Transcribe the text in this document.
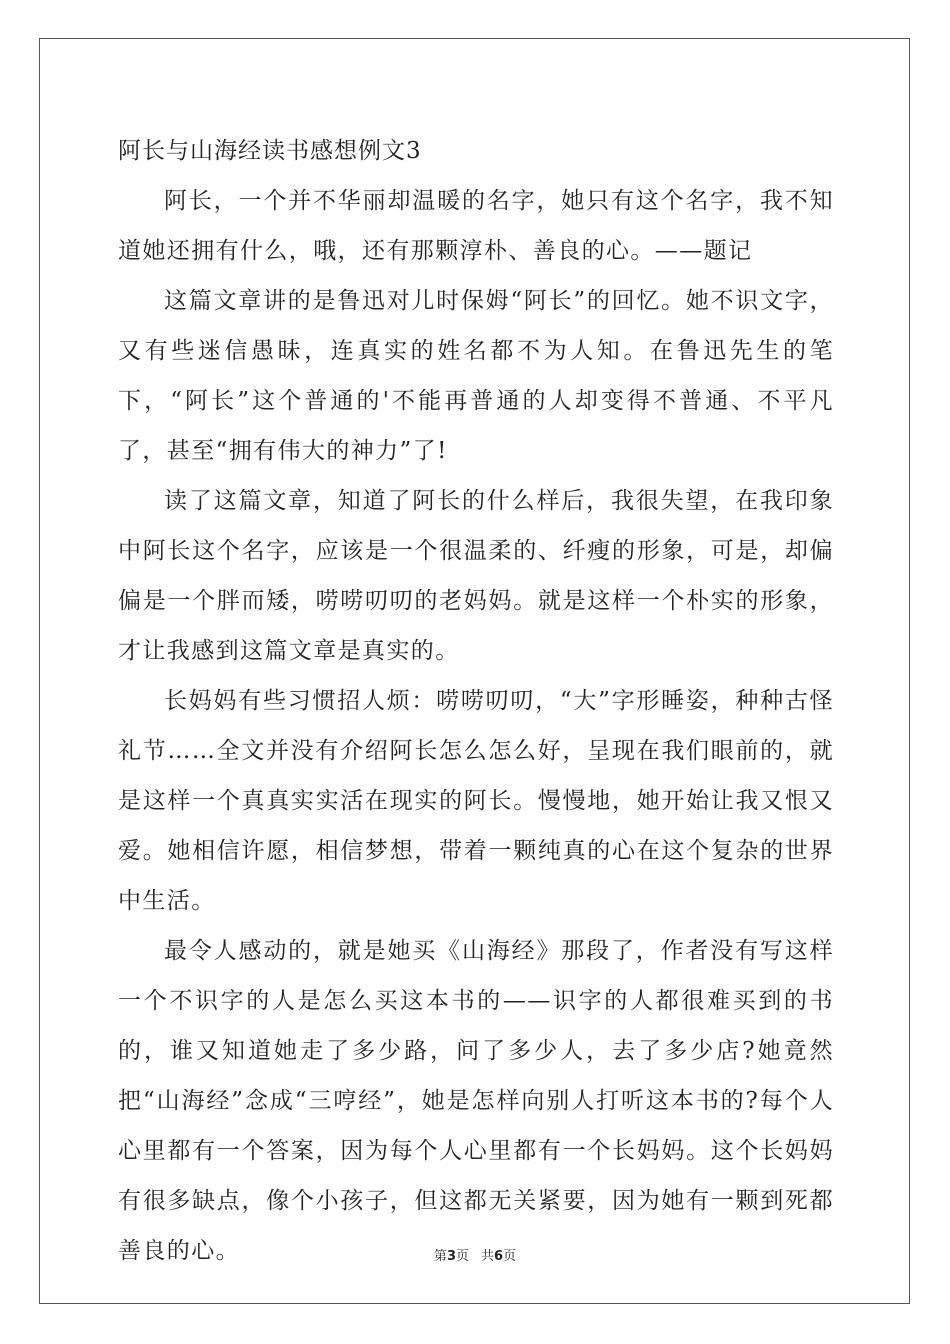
阿长与山海经读书感想例文3

阿长，一个并不华丽却温暖的名字，她只有这个名字，我不知道她还拥有什么，哦，还有那颗淳朴、善良的心。——题记

这篇文章讲的是鲁迅对儿时保姆“阿长”的回忆。她不识文字，又有些迷信愚昧，连真实的姓名都不为人知。在鲁迅先生的笔下，“阿长”这个普通的'不能再普通的人却变得不普通、不平凡了，甚至“拥有伟大的神力”了!

读了这篇文章，知道了阿长的什么样后，我很失望，在我印象中阿长这个名字，应该是一个很温柔的、纤瘦的形象，可是，却偏偏是一个胖而矮，唠唠叨叨的老妈妈。就是这样一个朴实的形象，才让我感到这篇文章是真实的。

长妈妈有些习惯招人烦：唠唠叨叨，“大”字形睡姿，种种古怪礼节……全文并没有介绍阿长怎么怎么好，呈现在我们眼前的，就是这样一个真真实实活在现实的阿长。慢慢地，她开始让我又恨又爱。她相信许愿，相信梦想，带着一颗纯真的心在这个复杂的世界中生活。

最令人感动的，就是她买《山海经》那段了，作者没有写这样一个不识字的人是怎么买这本书的——识字的人都很难买到的书的，谁又知道她走了多少路，问了多少人，去了多少店?她竟然把“山海经”念成“三哼经”，她是怎样向别人打听这本书的?每个人心里都有一个答案，因为每个人心里都有一个长妈妈。这个长妈妈有很多缺点，像个小孩子，但这都无关紧要，因为她有一颗到死都善良的心。	第3页 共6页
